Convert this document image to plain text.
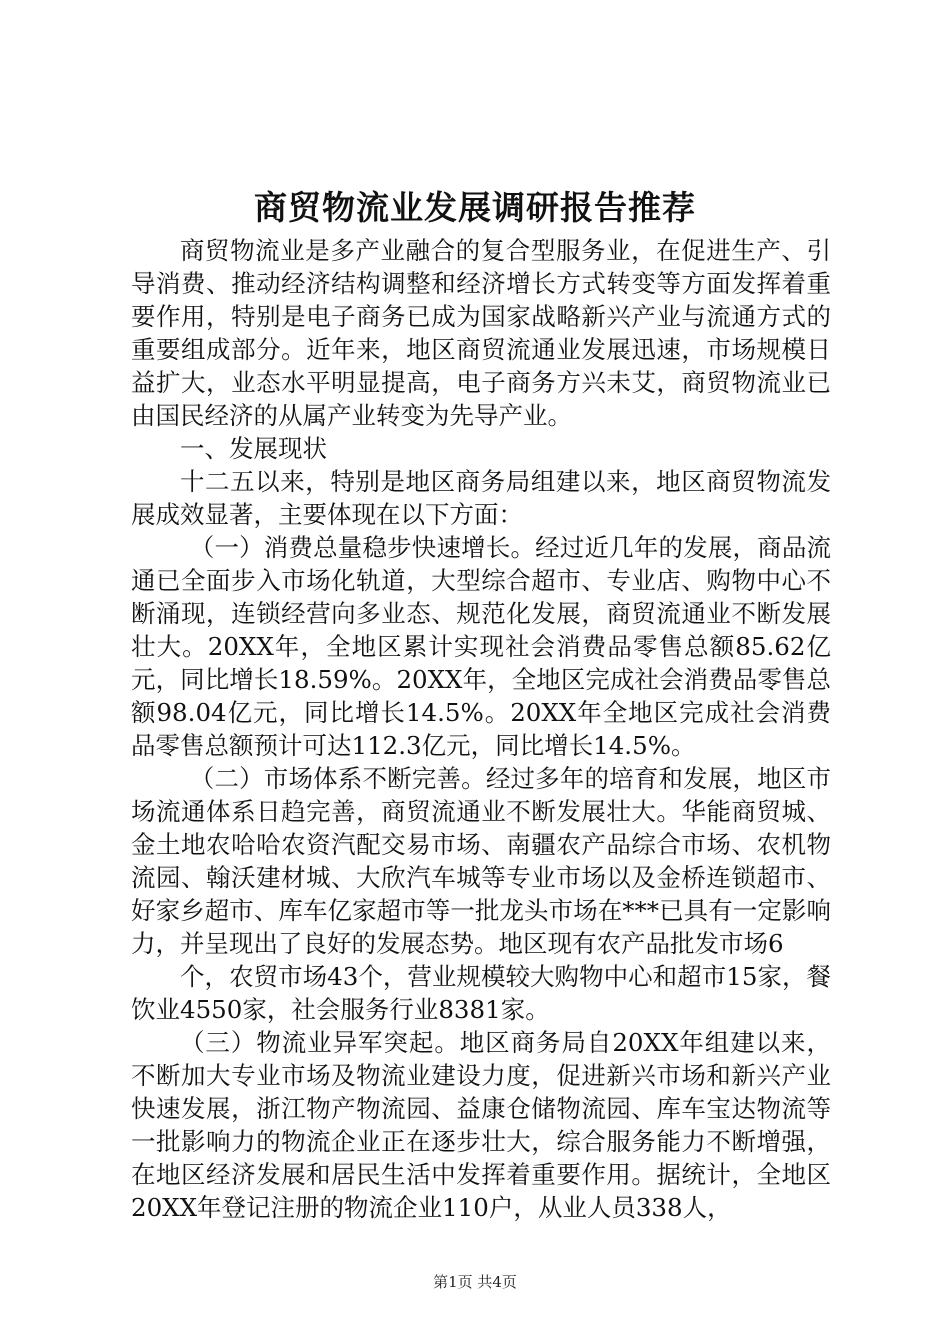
商贸物流业发展调研报告推荐

商贸物流业是多产业融合的复合型服务业，在促进生产、引导消费、推动经济结构调整和经济增长方式转变等方面发挥着重要作用，特别是电子商务已成为国家战略新兴产业与流通方式的重要组成部分。近年来，地区商贸流通业发展迅速，市场规模日益扩大，业态水平明显提高，电子商务方兴未艾，商贸物流业已由国民经济的从属产业转变为先导产业。

一、发展现状

十二五以来，特别是地区商务局组建以来，地区商贸物流发展成效显著，主要体现在以下方面：

（一）消费总量稳步快速增长。经过近几年的发展，商品流通已全面步入市场化轨道，大型综合超市、专业店、购物中心不断涌现，连锁经营向多业态、规范化发展，商贸流通业不断发展壮大。20XX年，全地区累计实现社会消费品零售总额85.62亿元，同比增长18.59%。20XX年，全地区完成社会消费品零售总额98.04亿元，同比增长14.5%。20XX年全地区完成社会消费品零售总额预计可达112.3亿元，同比增长14.5%。

（二）市场体系不断完善。经过多年的培育和发展，地区市场流通体系日趋完善，商贸流通业不断发展壮大。华能商贸城、金土地农哈哈农资汽配交易市场、南疆农产品综合市场、农机物流园、翰沃建材城、大欣汽车城等专业市场以及金桥连锁超市、好家乡超市、库车亿家超市等一批龙头市场在***已具有一定影响力，并呈现出了良好的发展态势。地区现有农产品批发市场6

个，农贸市场43个，营业规模较大购物中心和超市15家，餐饮业4550家，社会服务行业8381家。

（三）物流业异军突起。地区商务局自20XX年组建以来，不断加大专业市场及物流业建设力度，促进新兴市场和新兴产业快速发展，浙江物产物流园、益康仓储物流园、库车宝达物流等一批影响力的物流企业正在逐步壮大，综合服务能力不断增强，在地区经济发展和居民生活中发挥着重要作用。据统计，全地区20XX年登记注册的物流企业110户，从业人员338人，

第1页 共4页
